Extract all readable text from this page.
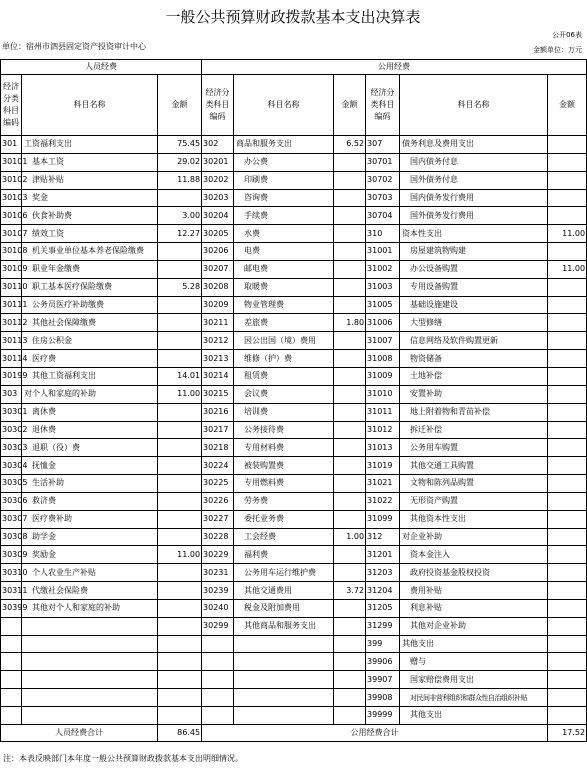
一般公共预算财政拨款基本支出决算表
公开06表
单位：宿州市泗县固定资产投资审计中心	金额单位：万元
人员经费			公用经费					
经济分类科目编码	科目名称	金额	经济分类科目编码	科目名称	金额	经济分类科目编码	科目名称	金额
301	工资福利支出	75.45	302	商品和服务支出	6.52	307	债务利息及费用支出	
30101	基本工资	29.02	30201	办公费		30701	国内债务付息	
30102	津贴补贴	11.88	30202	印刷费		30702	国外债务付息	
30103	奖金		30203	咨询费		30703	国内债务发行费用	
30106	伙食补助费	3.00	30204	手续费		30704	国外债务发行费用	
30107	绩效工资	12.27	30205	水费		310	资本性支出	11.00
30108	机关事业单位基本养老保险缴费		30206	电费		31001	房屋建筑物购建	
30109	职业年金缴费		30207	邮电费		31002	办公设备购置	11.00
30110	职工基本医疗保险缴费	5.28	30208	取暖费		31003	专用设备购置	
30111	公务员医疗补助缴费		30209	物业管理费		31005	基础设施建设	
30112	其他社会保障缴费		30211	差旅费	1.80	31006	大型修缮	
30113	住房公积金		30212	因公出国（境）费用		31007	信息网络及软件购置更新	
30114	医疗费		30213	维修（护）费		31008	物资储备	
30199	其他工资福利支出	14.01	30214	租赁费		31009	土地补偿	
303	对个人和家庭的补助	11.00	30215	会议费		31010	安置补助	
30301	离休费		30216	培训费		31011	地上附着物和青苗补偿	
30302	退休费		30217	公务接待费		31012	拆迁补偿	
30303	退职（役）费		30218	专用材料费		31013	公务用车购置	
30304	抚恤金		30224	被装购置费		31019	其他交通工具购置	
30305	生活补助		30225	专用燃料费		31021	文物和陈列品购置	
30306	救济费		30226	劳务费		31022	无形资产购置	
30307	医疗费补助		30227	委托业务费		31099	其他资本性支出	
30308	助学金		30228	工会经费	1.00	312	对企业补助	
30309	奖励金	11.00	30229	福利费		31201	资本金注入	
30310	个人农业生产补贴		30231	公务用车运行维护费		31203	政府投资基金股权投资	
30311	代缴社会保险费		30239	其他交通费用	3.72	31204	费用补贴	
30399	其他对个人和家庭的补助		30240	税金及附加费用		31205	利息补贴	
			30299	其他商品和服务支出		31299	其他对企业补助	
						399	其他支出	
						39906	赠与	
						39907	国家赔偿费用支出	
						39908	对民间非营利组织和群众性自治组织补贴	
						39999	其他支出	
人员经费合计		86.45	公用经费合计					17.52
注：本表反映部门本年度一般公共预算财政拨款基本支出明细情况。
